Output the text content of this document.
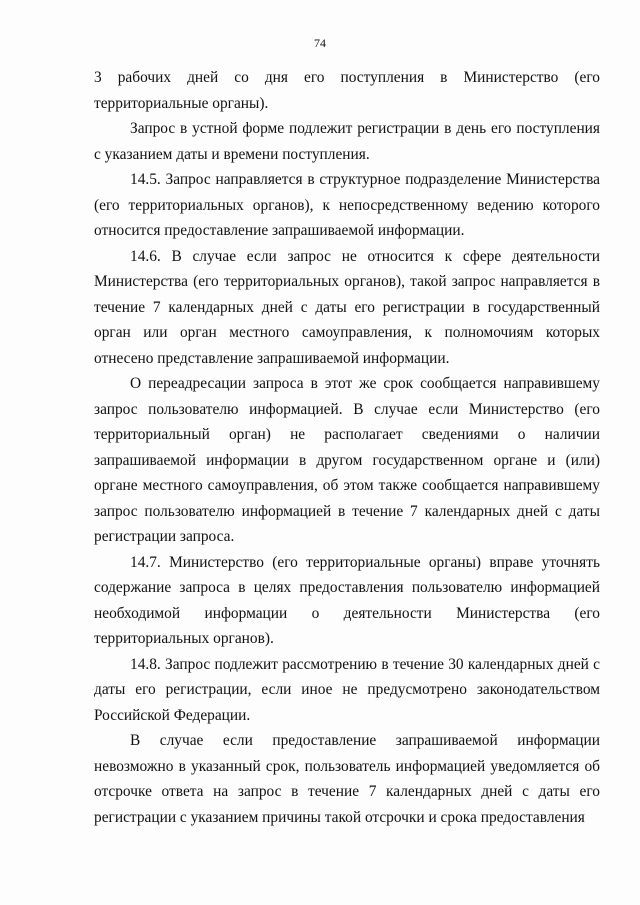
74

3 рабочих дней со дня его поступления в Министерство (его территориальные органы).

Запрос в устной форме подлежит регистрации в день его поступления с указанием даты и времени поступления.

14.5. Запрос направляется в структурное подразделение Министерства (его территориальных органов), к непосредственному ведению которого относится предоставление запрашиваемой информации.

14.6. В случае если запрос не относится к сфере деятельности Министерства (его территориальных органов), такой запрос направляется в течение 7 календарных дней с даты его регистрации в государственный орган или орган местного самоуправления, к полномочиям которых отнесено представление запрашиваемой информации.

О переадресации запроса в этот же срок сообщается направившему запрос пользователю информацией. В случае если Министерство (его территориальный орган) не располагает сведениями о наличии запрашиваемой информации в другом государственном органе и (или) органе местного самоуправления, об этом также сообщается направившему запрос пользователю информацией в течение 7 календарных дней с даты регистрации запроса.

14.7. Министерство (его территориальные органы) вправе уточнять содержание запроса в целях предоставления пользователю информацией необходимой информации о деятельности Министерства (его территориальных органов).

14.8. Запрос подлежит рассмотрению в течение 30 календарных дней с даты его регистрации, если иное не предусмотрено законодательством Российской Федерации.

В случае если предоставление запрашиваемой информации невозможно в указанный срок, пользователь информацией уведомляется об отсрочке ответа на запрос в течение 7 календарных дней с даты его регистрации с указанием причины такой отсрочки и срока предоставления
